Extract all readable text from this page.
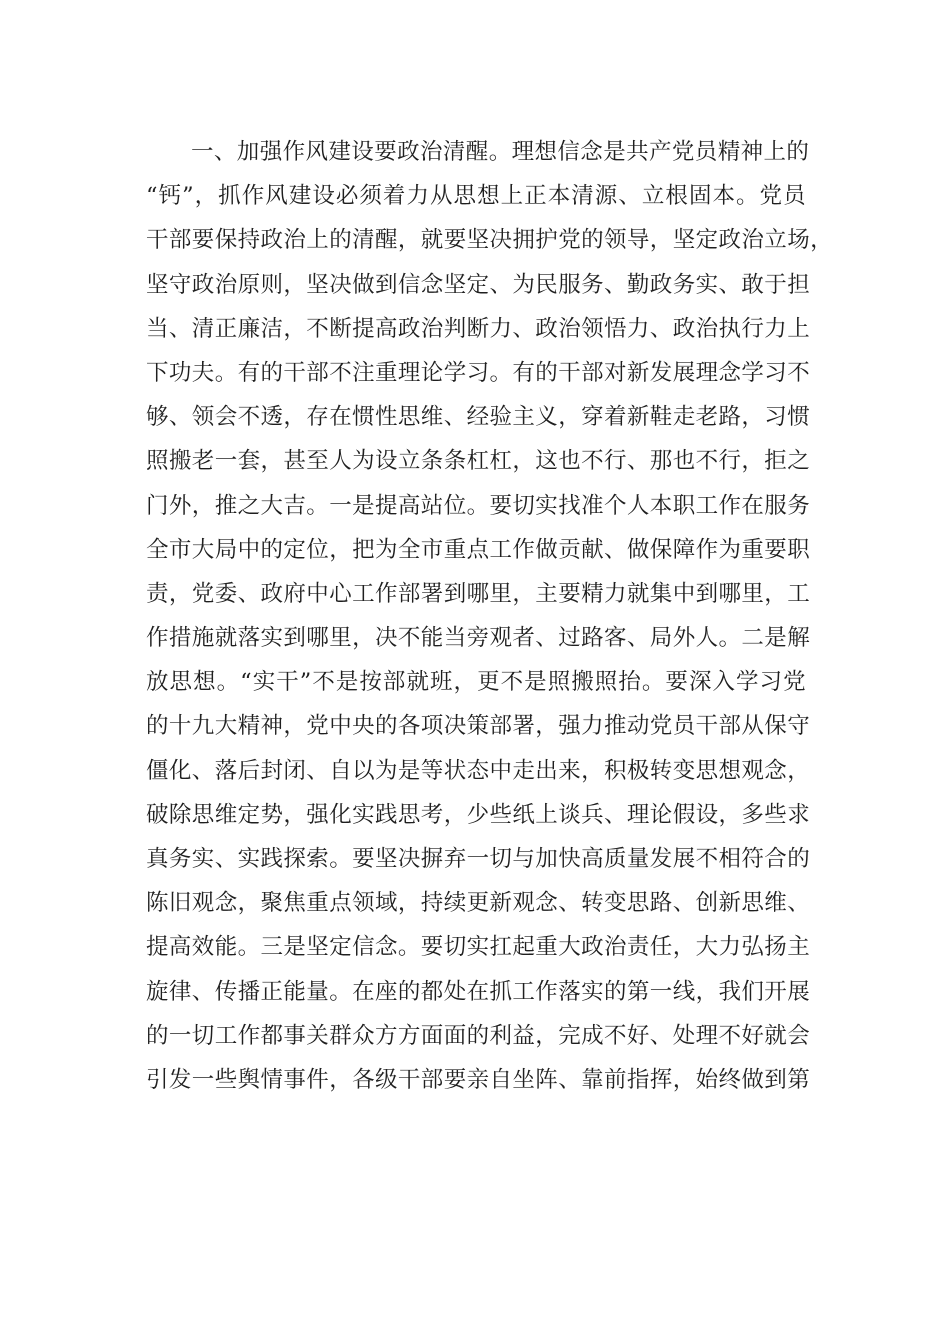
一、加强作风建设要政治清醒。理想信念是共产党员精神上的
“钙”，抓作风建设必须着力从思想上正本清源、立根固本。党员
干部要保持政治上的清醒，就要坚决拥护党的领导，坚定政治立场，
坚守政治原则，坚决做到信念坚定、为民服务、勤政务实、敢于担
当、清正廉洁，不断提高政治判断力、政治领悟力、政治执行力上
下功夫。有的干部不注重理论学习。有的干部对新发展理念学习不
够、领会不透，存在惯性思维、经验主义，穿着新鞋走老路，习惯
照搬老一套，甚至人为设立条条杠杠，这也不行、那也不行，拒之
门外，推之大吉。一是提高站位。要切实找准个人本职工作在服务
全市大局中的定位，把为全市重点工作做贡献、做保障作为重要职
责，党委、政府中心工作部署到哪里，主要精力就集中到哪里，工
作措施就落实到哪里，决不能当旁观者、过路客、局外人。二是解
放思想。“实干”不是按部就班，更不是照搬照抬。要深入学习党
的十九大精神，党中央的各项决策部署，强力推动党员干部从保守
僵化、落后封闭、自以为是等状态中走出来，积极转变思想观念，
破除思维定势，强化实践思考，少些纸上谈兵、理论假设，多些求
真务实、实践探索。要坚决摒弃一切与加快高质量发展不相符合的
陈旧观念，聚焦重点领域，持续更新观念、转变思路、创新思维、
提高效能。三是坚定信念。要切实扛起重大政治责任，大力弘扬主
旋律、传播正能量。在座的都处在抓工作落实的第一线，我们开展
的一切工作都事关群众方方面面的利益，完成不好、处理不好就会
引发一些舆情事件，各级干部要亲自坐阵、靠前指挥，始终做到第
